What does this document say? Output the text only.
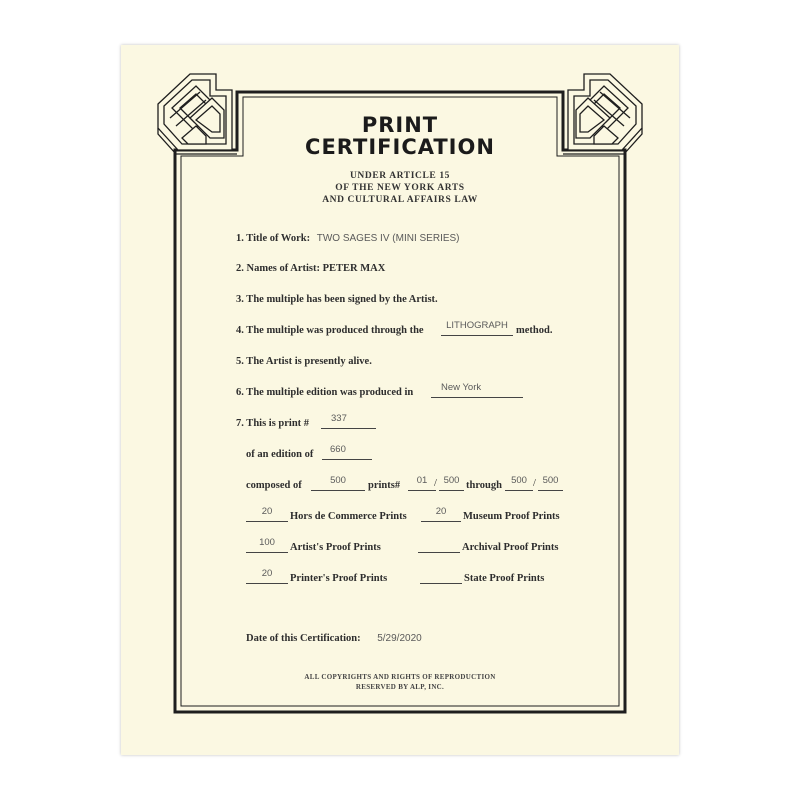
PRINT
CERTIFICATION
UNDER ARTICLE 15
OF THE NEW YORK ARTS
AND CULTURAL AFFAIRS LAW
1. Title of Work: TWO SAGES IV (MINI SERIES)
2. Names of Artist: PETER MAX
3. The multiple has been signed by the Artist.
4. The multiple was produced through the	LITHOGRAPH method.
5. The Artist is presently alive.
6. The multiple edition was produced in	New York
7. This is print #	337
of an edition of	660
composed of	500	prints#	01 / 500 through 500 / 500
20	Hors de Commerce Prints	20	Museum Proof Prints
100	Artist's Proof Prints	Archival Proof Prints
20	Printer's Proof Prints	State Proof Prints
Date of this Certification: 5/29/2020
ALL COPYRIGHTS AND RIGHTS OF REPRODUCTION
RESERVED BY ALP, INC.
